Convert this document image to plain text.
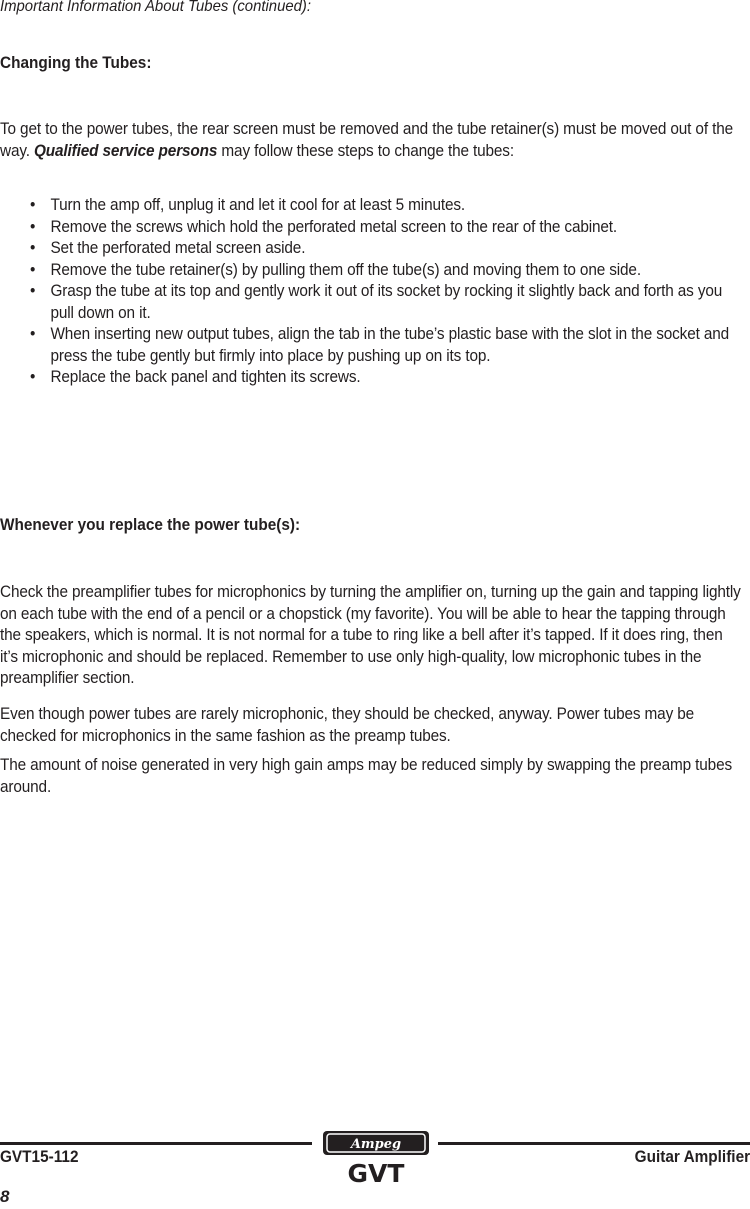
Important Information About Tubes (continued):
Changing the Tubes:

To get to the power tubes, the rear screen must be removed and the tube retainer(s) must be moved out of the way. Qualified service persons may follow these steps to change the tubes:

• Turn the amp off, unplug it and let it cool for at least 5 minutes.
• Remove the screws which hold the perforated metal screen to the rear of the cabinet.
• Set the perforated metal screen aside.
• Remove the tube retainer(s) by pulling them off the tube(s) and moving them to one side.
• Grasp the tube at its top and gently work it out of its socket by rocking it slightly back and forth as you pull down on it.
• When inserting new output tubes, align the tab in the tube’s plastic base with the slot in the socket and press the tube gently but firmly into place by pushing up on its top.
• Replace the back panel and tighten its screws.
Whenever you replace the power tube(s):

Check the preamplifier tubes for microphonics by turning the amplifier on, turning up the gain and tapping lightly on each tube with the end of a pencil or a chopstick (my favorite). You will be able to hear the tapping through the speakers, which is normal. It is not normal for a tube to ring like a bell after it’s tapped. If it does ring, then it’s microphonic and should be replaced. Remember to use only high-quality, low microphonic tubes in the preamplifier section.

Even though power tubes are rarely microphonic, they should be checked, anyway. Power tubes may be checked for microphonics in the same fashion as the preamp tubes.

The amount of noise generated in very high gain amps may be reduced simply by swapping the preamp tubes around.

GVT15-112	Guitar Amplifier
8
Ampeg
GVT
